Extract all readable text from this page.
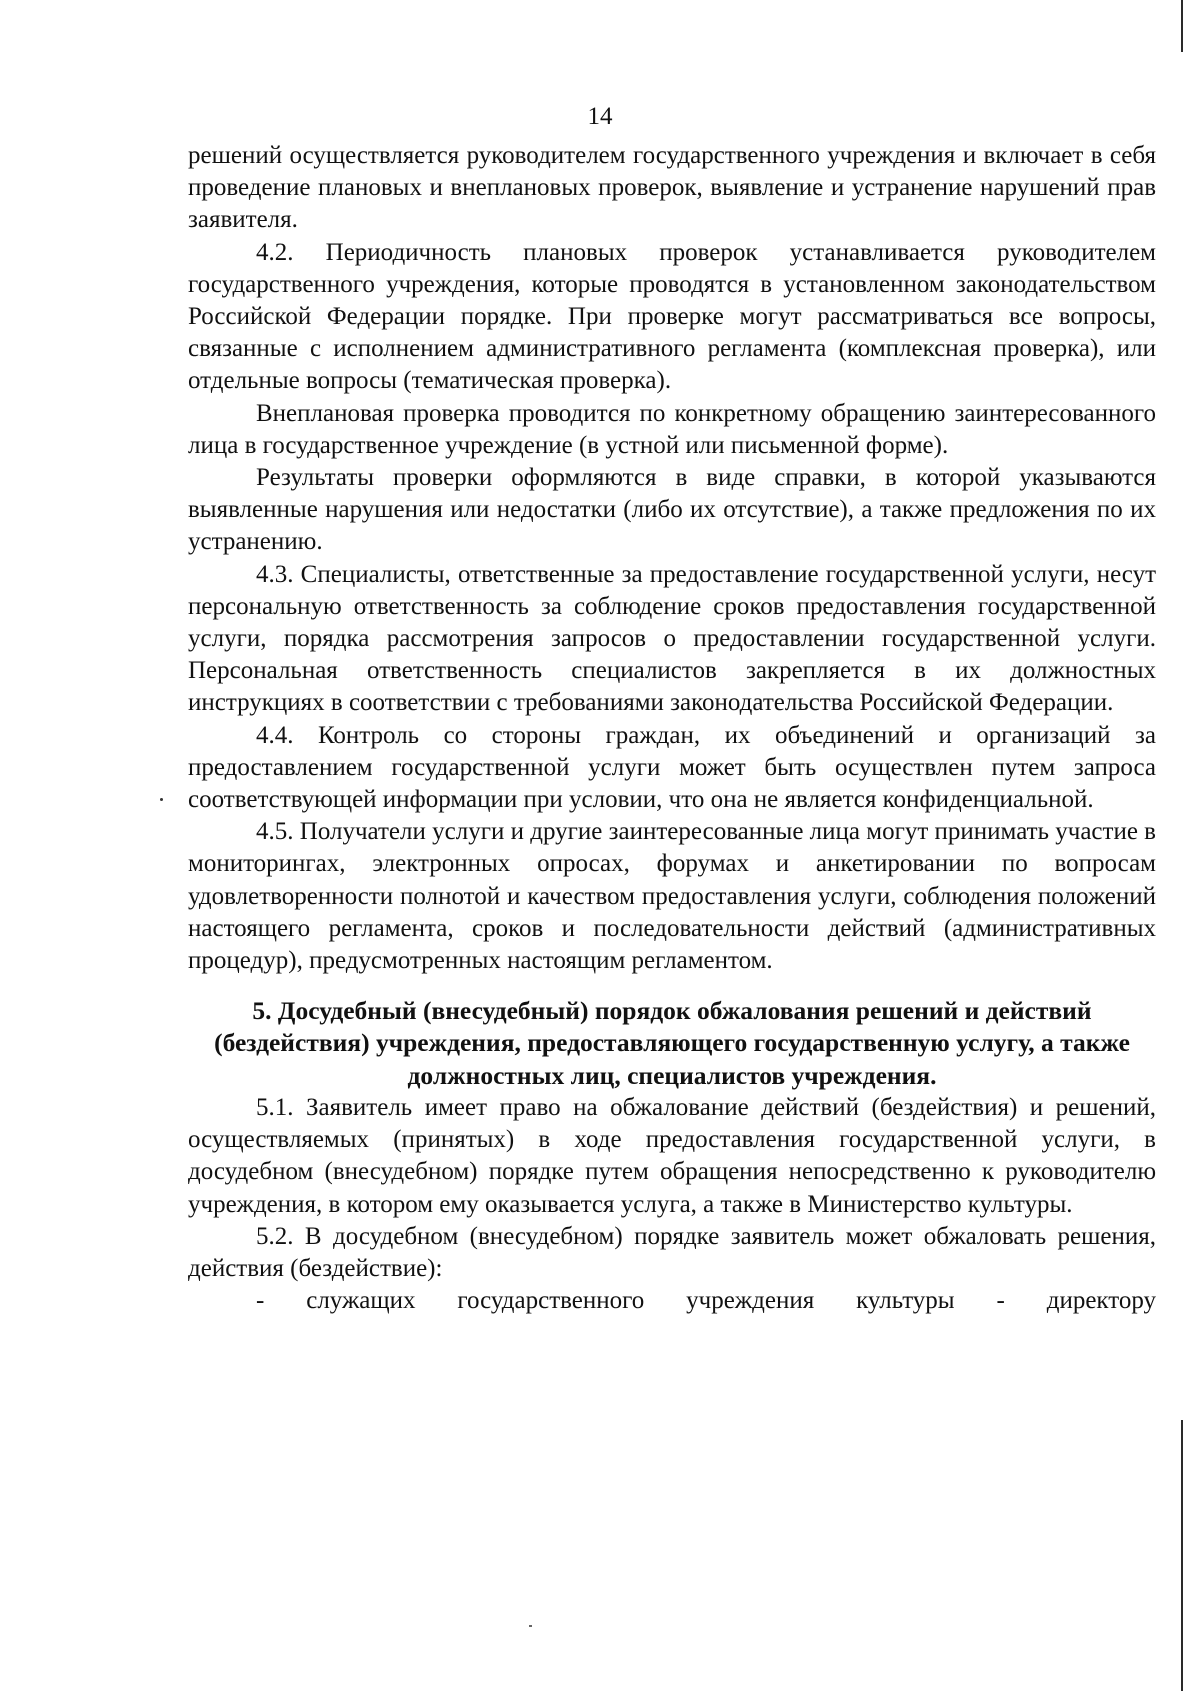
14

решений осуществляется руководителем государственного учреждения и включает в себя проведение плановых и внеплановых проверок, выявление и устранение нарушений прав заявителя.

4.2. Периодичность плановых проверок устанавливается руководителем государственного учреждения, которые проводятся в установленном законодательством Российской Федерации порядке. При проверке могут рассматриваться все вопросы, связанные с исполнением административного регламента (комплексная проверка), или отдельные вопросы (тематическая проверка).

Внеплановая проверка проводится по конкретному обращению заинтересованного лица в государственное учреждение (в устной или письменной форме).

Результаты проверки оформляются в виде справки, в которой указываются выявленные нарушения или недостатки (либо их отсутствие), а также предложения по их устранению.

4.3. Специалисты, ответственные за предоставление государственной услуги, несут персональную ответственность за соблюдение сроков предоставления государственной услуги, порядка рассмотрения запросов о предоставлении государственной услуги. Персональная ответственность специалистов закрепляется в их должностных инструкциях в соответствии с требованиями законодательства Российской Федерации.

4.4. Контроль со стороны граждан, их объединений и организаций за предоставлением государственной услуги может быть осуществлен путем запроса соответствующей информации при условии, что она не является конфиденциальной.

4.5. Получатели услуги и другие заинтересованные лица могут принимать участие в мониторингах, электронных опросах, форумах и анкетировании по вопросам удовлетворенности полнотой и качеством предоставления услуги, соблюдения положений настоящего регламента, сроков и последовательности действий (административных процедур), предусмотренных настоящим регламентом.

5. Досудебный (внесудебный) порядок обжалования решений и действий (бездействия) учреждения, предоставляющего государственную услугу, а также должностных лиц, специалистов учреждения.

5.1. Заявитель имеет право на обжалование действий (бездействия) и решений, осуществляемых (принятых) в ходе предоставления государственной услуги, в досудебном (внесудебном) порядке путем обращения непосредственно к руководителю учреждения, в котором ему оказывается услуга, а также в Министерство культуры.

5.2. В досудебном (внесудебном) порядке заявитель может обжаловать решения, действия (бездействие):

- служащих государственного учреждения культуры - директору
